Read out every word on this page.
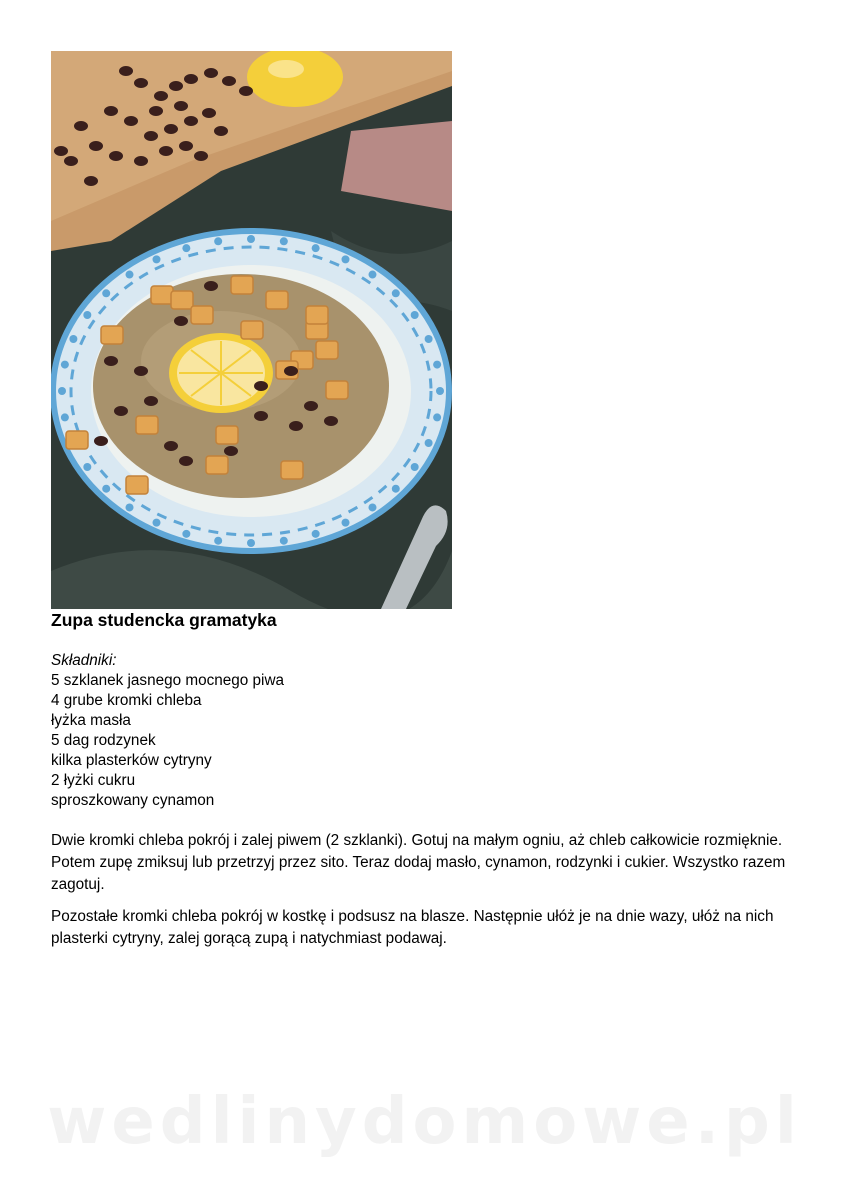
Zupa studencka gramatyka
Składniki:
5 szklanek jasnego mocnego piwa
4 grube kromki chleba
łyżka masła
5 dag rodzynek
kilka plasterków cytryny
2 łyżki cukru
sproszkowany cynamon

Dwie kromki chleba pokrój i zalej piwem (2 szklanki). Gotuj na małym ogniu, aż chleb całkowicie rozmięknie. Potem zupę zmiksuj lub przetrzyj przez sito. Teraz dodaj masło, cynamon, rodzynki i cukier. Wszystko razem zagotuj.

Pozostałe kromki chleba pokrój w kostkę i podsusz na blasze. Następnie ułóż je na dnie wazy, ułóż na nich plasterki cytryny, zalej gorącą zupą i natychmiast podawaj.

wedlinydomowe.pl
